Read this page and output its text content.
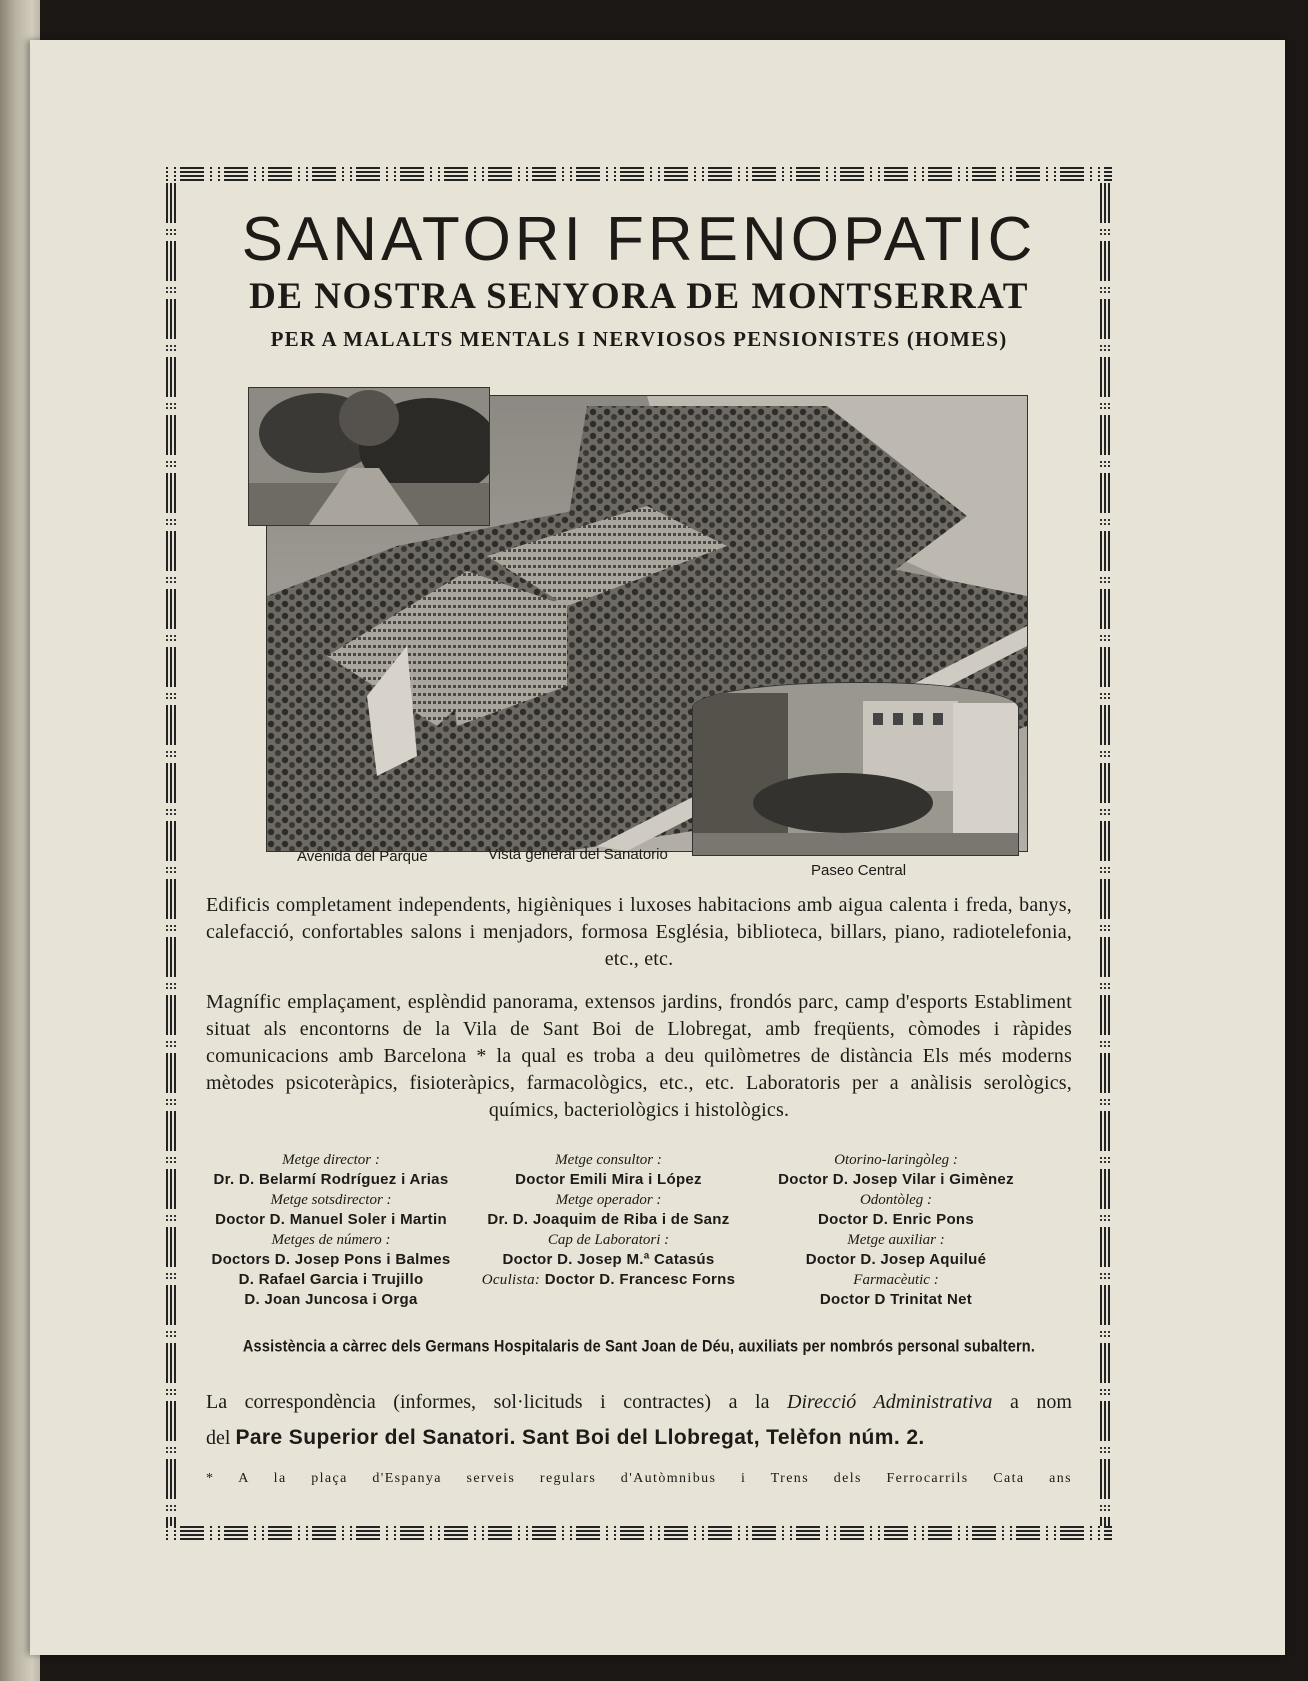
SANATORI FRENOPATIC
DE NOSTRA SENYORA DE MONTSERRAT
PER A MALALTS MENTALS I NERVIOSOS PENSIONISTES (HOMES)
Avenida del Parque	Vista general del Sanatorio
Paseo Central
Edificis completament independents, higièniques i luxoses habitacions amb aigua calenta i freda, banys, calefacció, confortables salons i menjadors, formosa Església, biblioteca, billars, piano, radiotelefonia, etc., etc.
Magnífic emplaçament, esplèndid panorama, extensos jardins, frondós parc, camp d'esports Establiment situat als encontorns de la Vila de Sant Boi de Llobregat, amb freqüents, còmodes i ràpides comunicacions amb Barcelona * la qual es troba a deu quilòmetres de distància Els més moderns mètodes psicoteràpics, fisioteràpics, farmacològics, etc., etc. Laboratoris per a anàlisis serològics, químics, bacteriològics i histològics.
Metge director :
Dr. D. Belarmí Rodríguez i Arias
Metge sotsdirector :
Doctor D. Manuel Soler i Martin
Metges de número :
Doctors D. Josep Pons i Balmes
D. Rafael Garcia i Trujillo
D. Joan Juncosa i Orga
Metge consultor :
Doctor Emili Mira i López
Metge operador :
Dr. D. Joaquim de Riba i de Sanz
Cap de Laboratori :
Doctor D. Josep M.ª Catasús
Oculista: Doctor D. Francesc Forns
Otorino-laringòleg :
Doctor D. Josep Vilar i Gimènez
Odontòleg :
Doctor D. Enric Pons
Metge auxiliar :
Doctor D. Josep Aquilué
Farmacèutic :
Doctor D Trinitat Net
Assistència a càrrec dels Germans Hospitalaris de Sant Joan de Déu, auxiliats per nombrós personal subaltern.
La correspondència (informes, sol·licituds i contractes) a la Direcció Administrativa a nom
del Pare Superior del Sanatori. Sant Boi del Llobregat, Telèfon núm. 2.
* A la plaça d'Espanya serveis regulars d'Autòmnibus i Trens dels Ferrocarrils Cata ans
